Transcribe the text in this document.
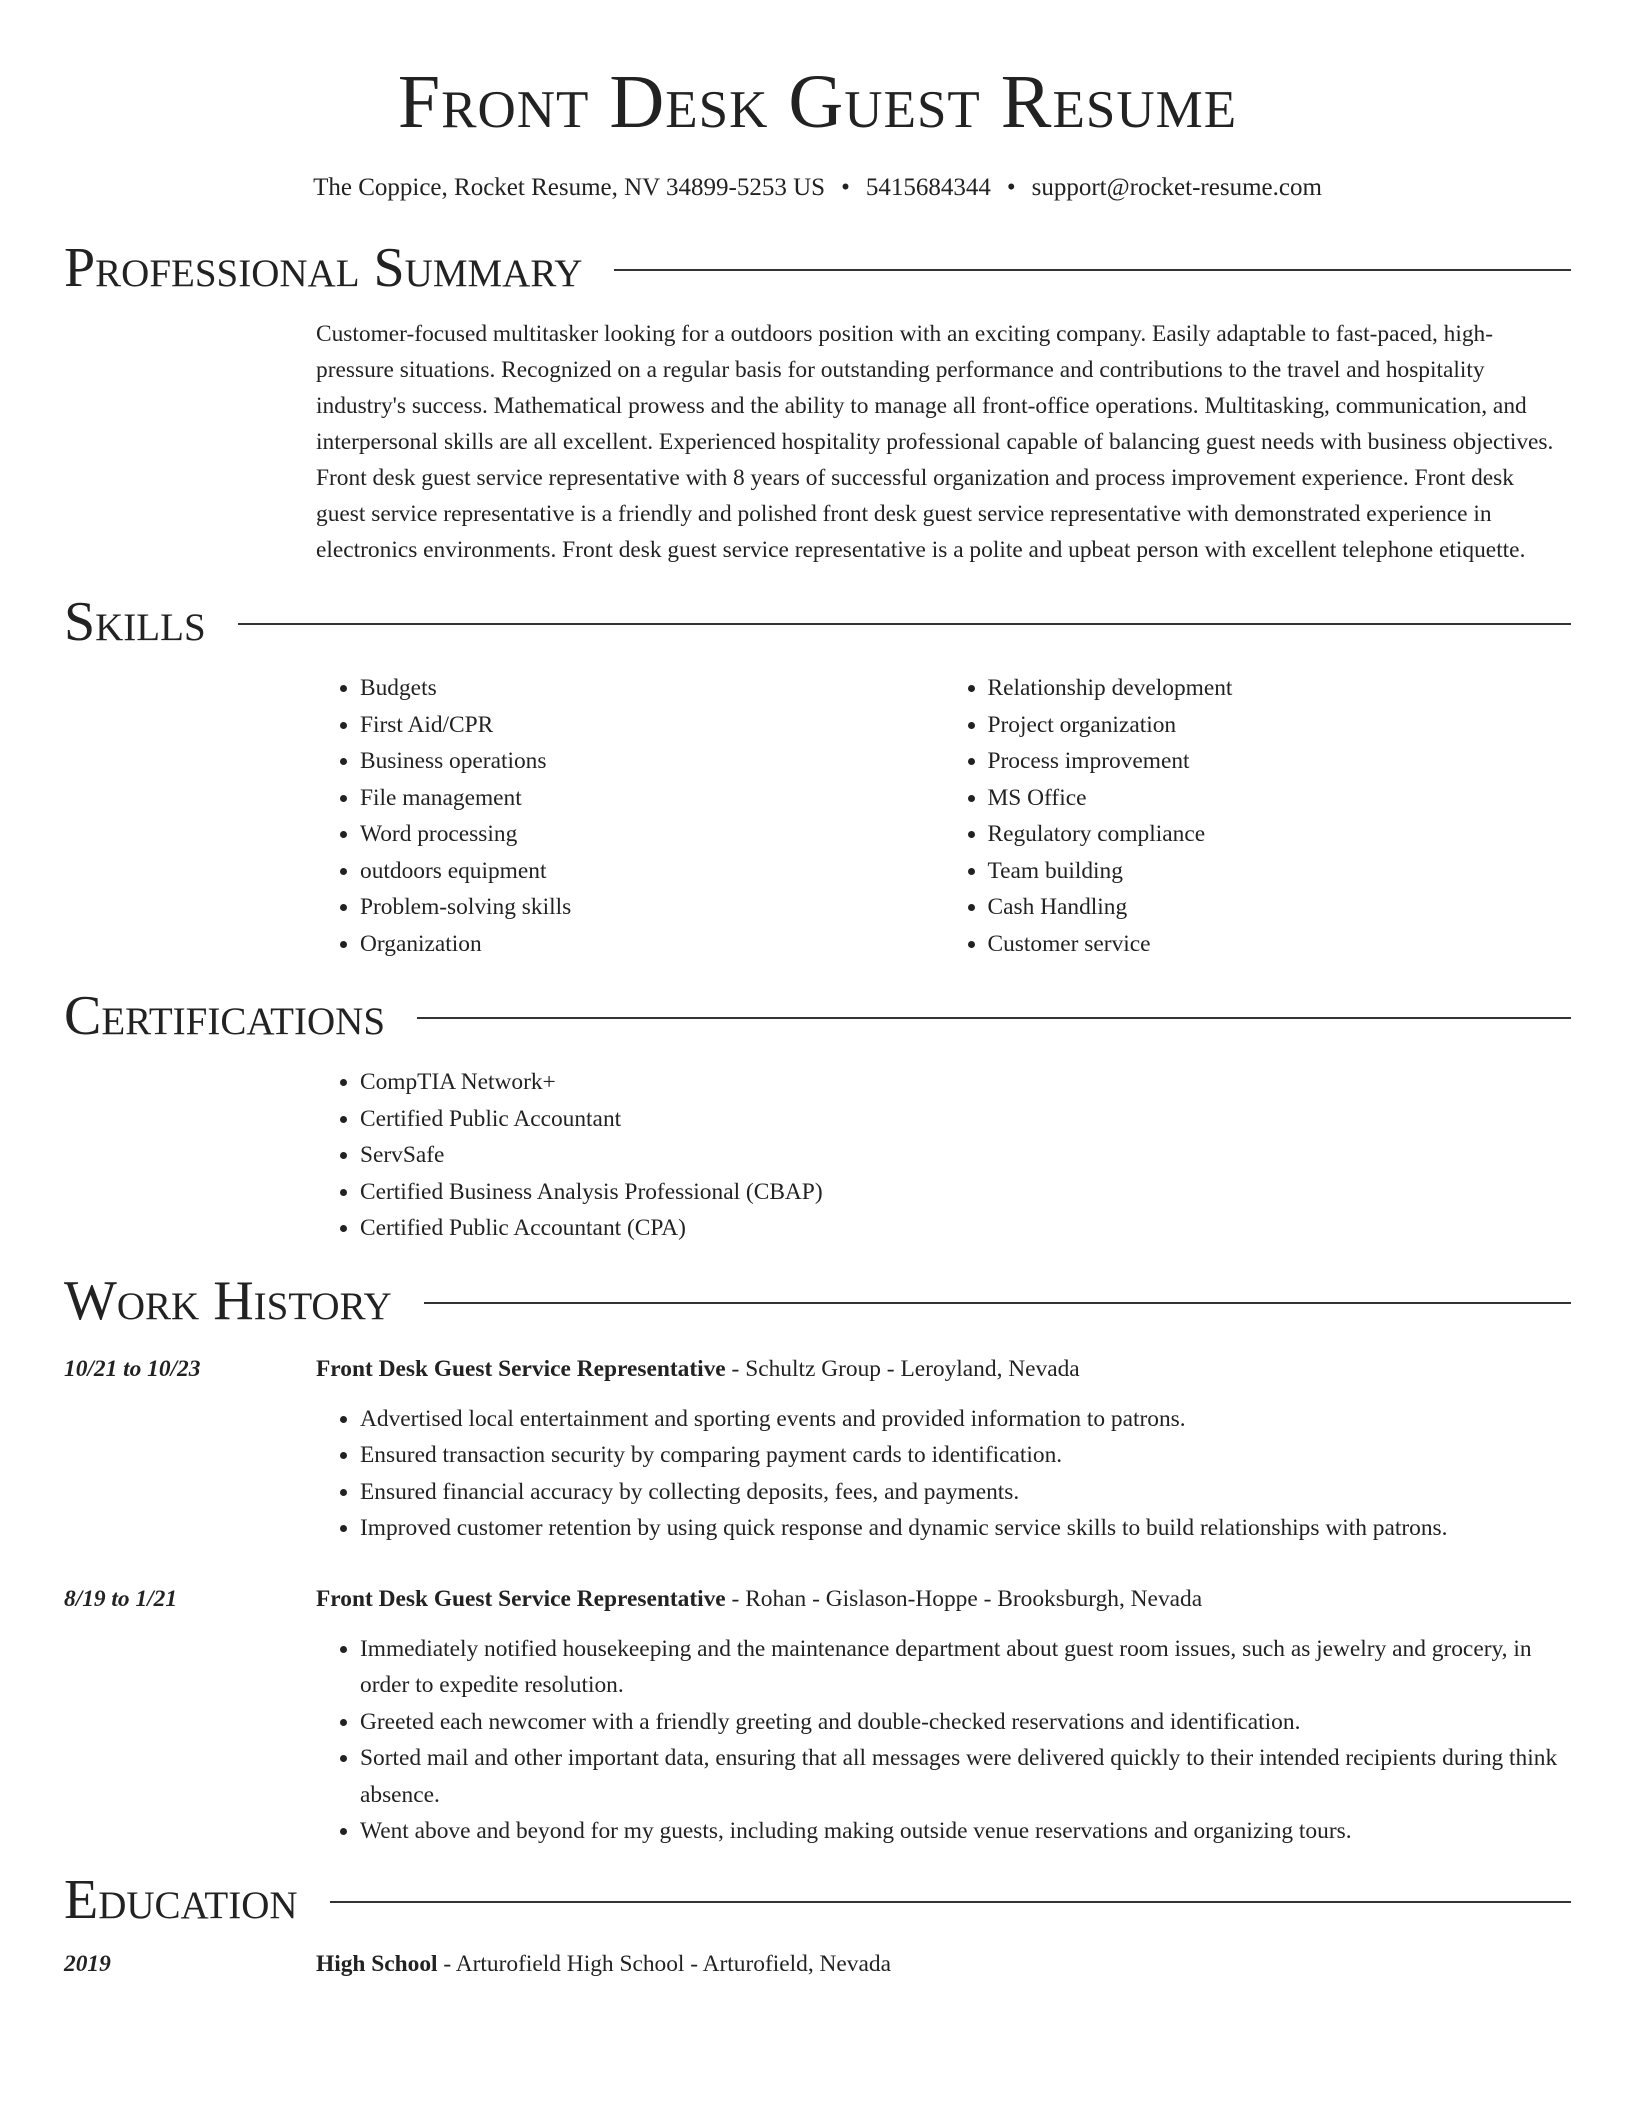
Front Desk Guest Resume
The Coppice, Rocket Resume, NV 34899-5253 US • 5415684344 • support@rocket-resume.com
Professional Summary
Customer-focused multitasker looking for a outdoors position with an exciting company. Easily adaptable to fast-paced, high-pressure situations. Recognized on a regular basis for outstanding performance and contributions to the travel and hospitality industry's success. Mathematical prowess and the ability to manage all front-office operations. Multitasking, communication, and interpersonal skills are all excellent. Experienced hospitality professional capable of balancing guest needs with business objectives. Front desk guest service representative with 8 years of successful organization and process improvement experience. Front desk guest service representative is a friendly and polished front desk guest service representative with demonstrated experience in electronics environments. Front desk guest service representative is a polite and upbeat person with excellent telephone etiquette.
Skills
• Budgets
• First Aid/CPR
• Business operations
• File management
• Word processing
• outdoors equipment
• Problem-solving skills
• Organization
• Relationship development
• Project organization
• Process improvement
• MS Office
• Regulatory compliance
• Team building
• Cash Handling
• Customer service
Certifications
• CompTIA Network+
• Certified Public Accountant
• ServSafe
• Certified Business Analysis Professional (CBAP)
• Certified Public Accountant (CPA)
Work History
10/21 to 10/23	Front Desk Guest Service Representative - Schultz Group - Leroyland, Nevada
• Advertised local entertainment and sporting events and provided information to patrons.
• Ensured transaction security by comparing payment cards to identification.
• Ensured financial accuracy by collecting deposits, fees, and payments.
• Improved customer retention by using quick response and dynamic service skills to build relationships with patrons.
8/19 to 1/21	Front Desk Guest Service Representative - Rohan - Gislason-Hoppe - Brooksburgh, Nevada
• Immediately notified housekeeping and the maintenance department about guest room issues, such as jewelry and grocery, in order to expedite resolution.
• Greeted each newcomer with a friendly greeting and double-checked reservations and identification.
• Sorted mail and other important data, ensuring that all messages were delivered quickly to their intended recipients during think absence.
• Went above and beyond for my guests, including making outside venue reservations and organizing tours.
Education
2019	High School - Arturofield High School - Arturofield, Nevada
